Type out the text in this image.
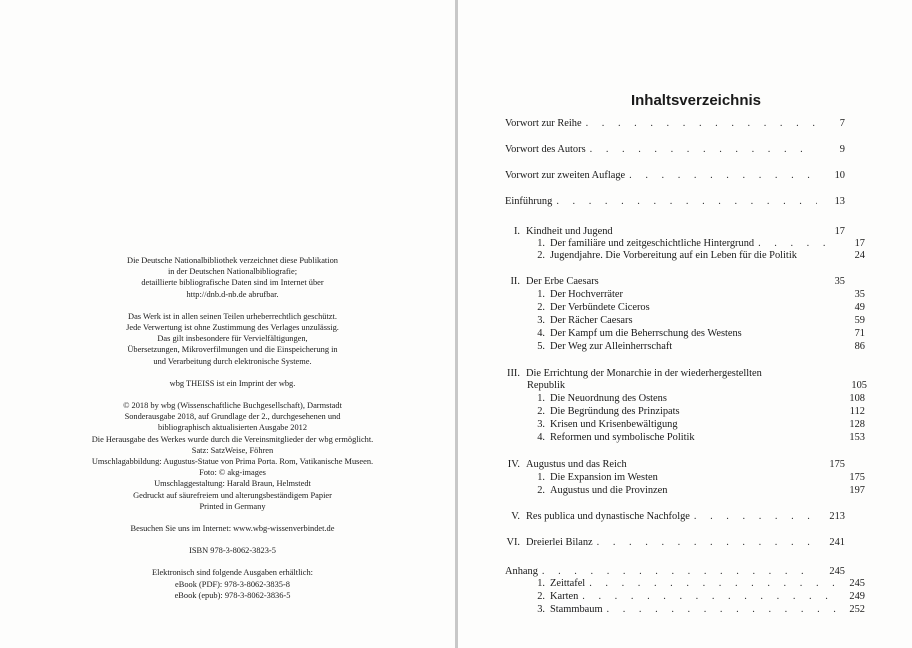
Die Deutsche Nationalbibliothek verzeichnet diese Publikation
in der Deutschen Nationalbibliografie;
detaillierte bibliografische Daten sind im Internet über
http://dnb.d-nb.de abrufbar.

Das Werk ist in allen seinen Teilen urheberrechtlich geschützt.
Jede Verwertung ist ohne Zustimmung des Verlages unzulässig.
Das gilt insbesondere für Vervielfältigungen,
Übersetzungen, Mikroverfilmungen und die Einspeicherung in
und Verarbeitung durch elektronische Systeme.

wbg THEISS ist ein Imprint der wbg.

© 2018 by wbg (Wissenschaftliche Buchgesellschaft), Darmstadt
Sonderausgabe 2018, auf Grundlage der 2., durchgesehenen und
bibliographisch aktualisierten Ausgabe 2012
Die Herausgabe des Werkes wurde durch die Vereinsmitglieder der wbg ermöglicht.
Satz: SatzWeise, Föhren
Umschlagabbildung: Augustus-Statue von Prima Porta. Rom, Vatikanische Museen.
Foto: © akg-images
Umschlaggestaltung: Harald Braun, Helmstedt
Gedruckt auf säurefreiem und alterungsbeständigem Papier
Printed in Germany

Besuchen Sie uns im Internet: www.wbg-wissenverbindet.de

ISBN 978-3-8062-3823-5

Elektronisch sind folgende Ausgaben erhältlich:
eBook (PDF): 978-3-8062-3835-8
eBook (epub): 978-3-8062-3836-5

Inhaltsverzeichnis
Vorwort zur Reihe . . .	7
Vorwort des Autors . . .	9
Vorwort zur zweiten Auflage . . .	10
Einführung . . .	13
I. Kindheit und Jugend	17
1. Der familiäre und zeitgeschichtliche Hintergrund . . .	17
2. Jugendjahre. Die Vorbereitung auf ein Leben für die Politik	24
II. Der Erbe Caesars	35
1. Der Hochverräter	35
2. Der Verbündete Ciceros	49
3. Der Rächer Caesars	59
4. Der Kampf um die Beherrschung des Westens	71
5. Der Weg zur Alleinherrschaft	86
III. Die Errichtung der Monarchie in der wiederhergestellten
Republik	105
1. Die Neuordnung des Ostens	108
2. Die Begründung des Prinzipats	112
3. Krisen und Krisenbewältigung	128
4. Reformen und symbolische Politik	153
IV. Augustus und das Reich	175
1. Die Expansion im Westen	175
2. Augustus und die Provinzen	197
V. Res publica und dynastische Nachfolge . . .	213
VI. Dreierlei Bilanz . . .	241
Anhang . . .	245
1. Zeittafel . . .	245
2. Karten . . .	249
3. Stammbaum . . .	252
